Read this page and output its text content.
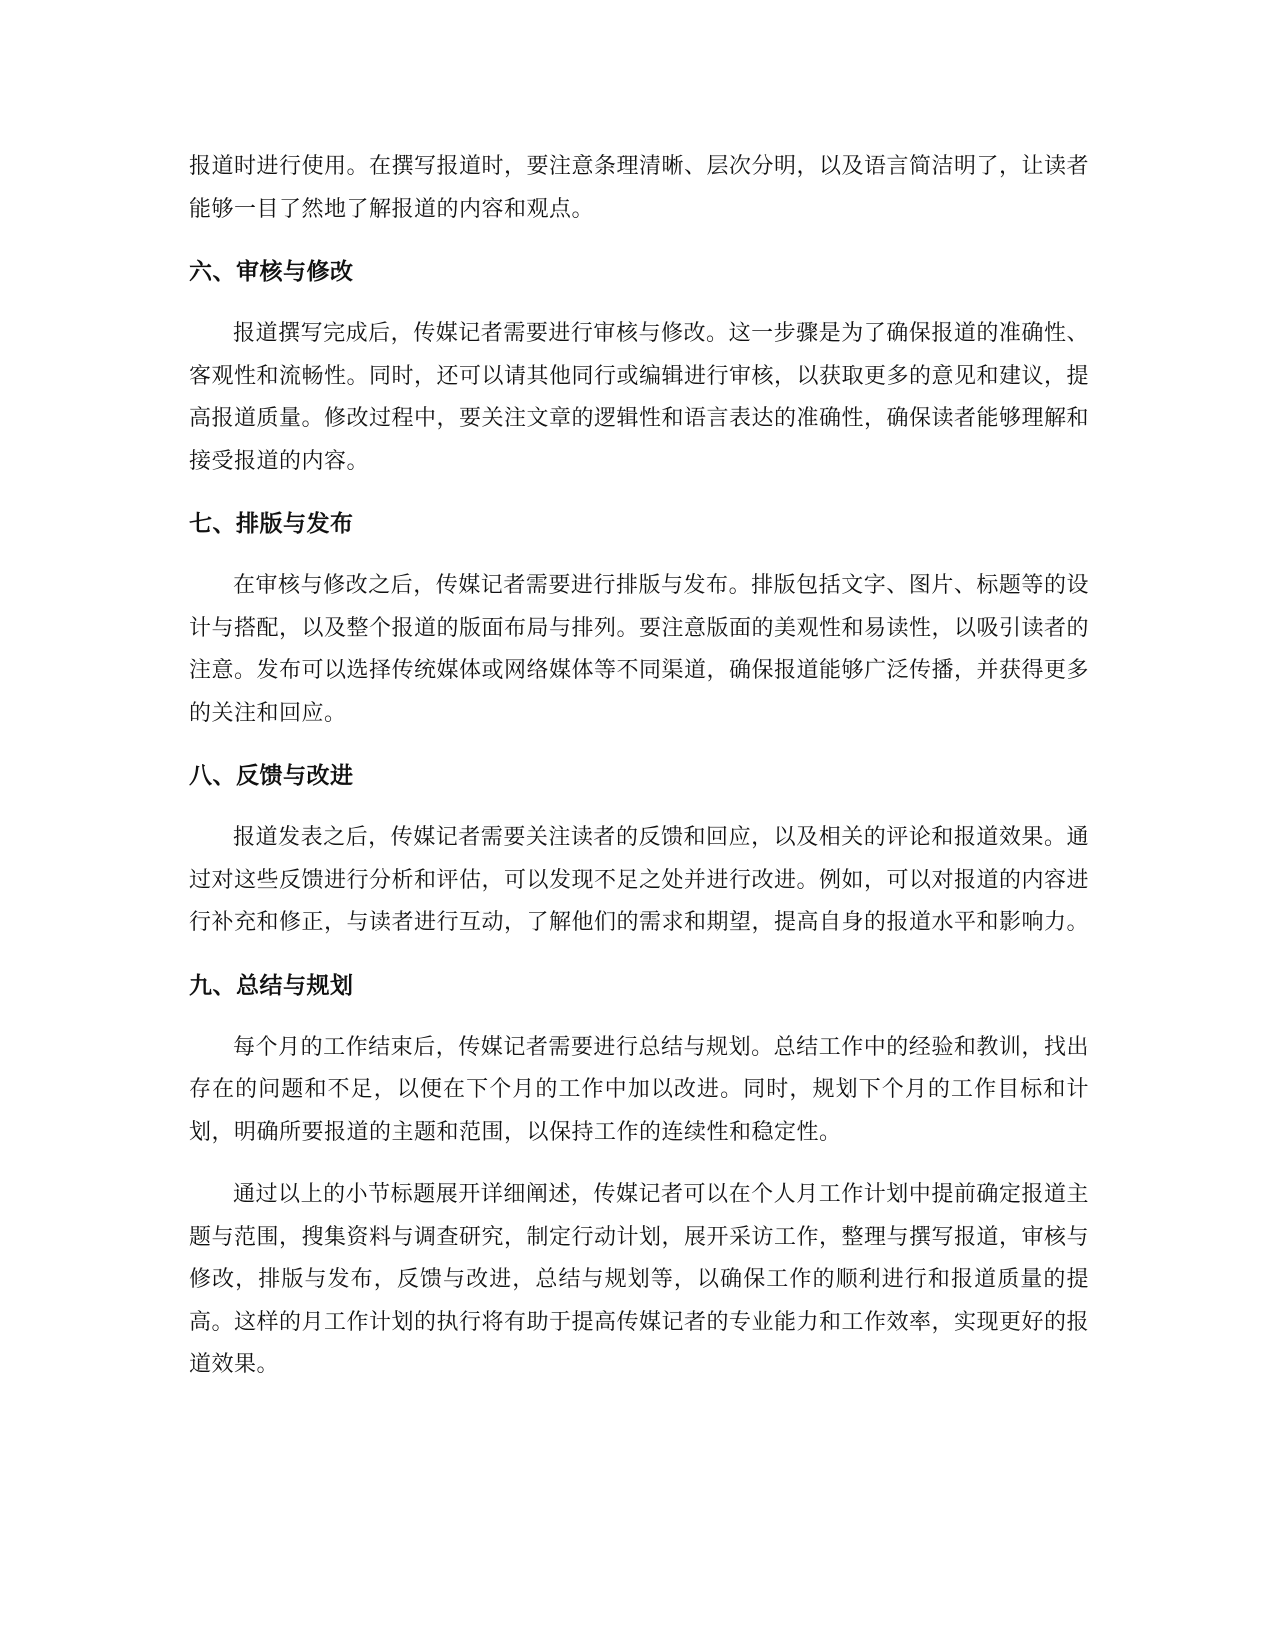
报道时进行使用。在撰写报道时，要注意条理清晰、层次分明，以及语言简洁明了，让读者能够一目了然地了解报道的内容和观点。

六、审核与修改

报道撰写完成后，传媒记者需要进行审核与修改。这一步骤是为了确保报道的准确性、客观性和流畅性。同时，还可以请其他同行或编辑进行审核，以获取更多的意见和建议，提高报道质量。修改过程中，要关注文章的逻辑性和语言表达的准确性，确保读者能够理解和接受报道的内容。

七、排版与发布

在审核与修改之后，传媒记者需要进行排版与发布。排版包括文字、图片、标题等的设计与搭配，以及整个报道的版面布局与排列。要注意版面的美观性和易读性，以吸引读者的注意。发布可以选择传统媒体或网络媒体等不同渠道，确保报道能够广泛传播，并获得更多的关注和回应。

八、反馈与改进

报道发表之后，传媒记者需要关注读者的反馈和回应，以及相关的评论和报道效果。通过对这些反馈进行分析和评估，可以发现不足之处并进行改进。例如，可以对报道的内容进行补充和修正，与读者进行互动，了解他们的需求和期望，提高自身的报道水平和影响力。

九、总结与规划

每个月的工作结束后，传媒记者需要进行总结与规划。总结工作中的经验和教训，找出存在的问题和不足，以便在下个月的工作中加以改进。同时，规划下个月的工作目标和计划，明确所要报道的主题和范围，以保持工作的连续性和稳定性。

通过以上的小节标题展开详细阐述，传媒记者可以在个人月工作计划中提前确定报道主题与范围，搜集资料与调查研究，制定行动计划，展开采访工作，整理与撰写报道，审核与修改，排版与发布，反馈与改进，总结与规划等，以确保工作的顺利进行和报道质量的提高。这样的月工作计划的执行将有助于提高传媒记者的专业能力和工作效率，实现更好的报道效果。
